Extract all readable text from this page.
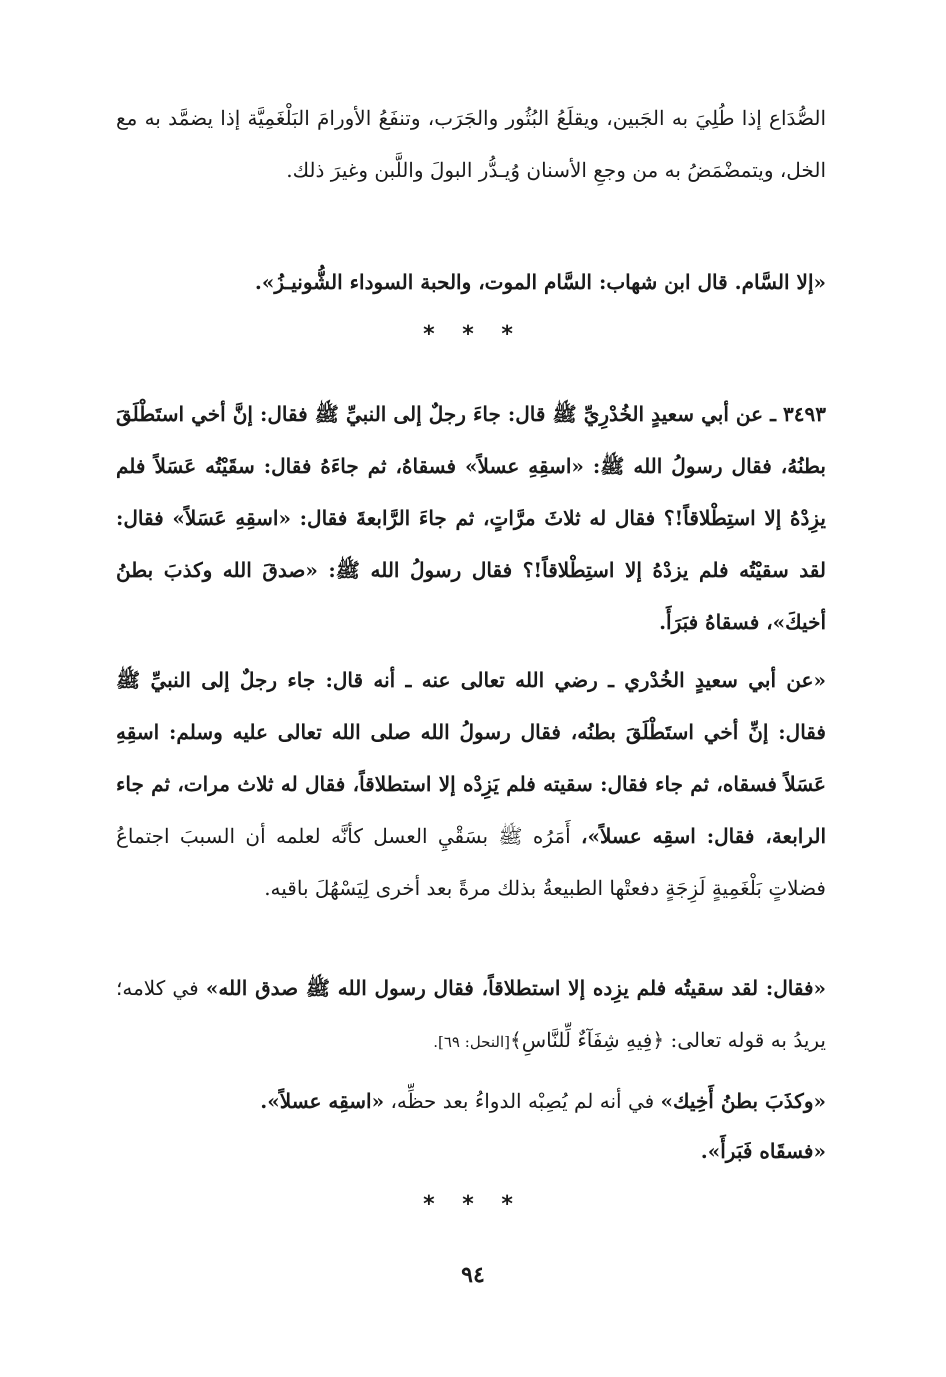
الصُّدَاع إذا طُلِيَ به الجَبين، ويقلَعُ البُثُور والجَرَب، وتنفَعُ الأورامَ البَلْغَمِيَّة إذا يضمَّد به مع الخل، ويتمضْمَضُ به من وجعِ الأسنان وُيـدُّر البولَ واللَّبن وغيرَ ذلك.
«إلا السَّام. قال ابن شهاب: السَّام الموت، والحبة السوداء الشُّونيـزُ».
* * *
٣٤٩٣ ـ عن أبي سعيدٍ الخُدْرِيِّ ﷺ قال: جاءَ رجلٌ إلى النبيِّ ﷺ فقال: إنَّ أخي استَطْلَقَ بطنُهُ، فقال رسولُ الله ﷺ: «اسقِهِ عسلاً» فسقاهُ، ثم جاءَهُ فقال: سقَيْتُه عَسَلاً فلم يزِدْهُ إلا استِطْلاقاً!؟ فقال له ثلاثَ مرَّاتٍ، ثم جاءَ الرَّابعةَ فقال: «اسقِهِ عَسَلاً» فقال: لقد سقيْتُه فلم يزدْهُ إلا استِطْلاقاً!؟ فقال رسولُ الله ﷺ: «صدقَ الله وكذبَ بطنُ أخيكَ»، فسقاهُ فبَرَأَ.
«عن أبي سعيدٍ الخُدْري ـ رضي الله تعالى عنه ـ أنه قال: جاء رجلٌ إلى النبيِّ ﷺ فقال: إنِّ أخي استَطْلَقَ بطنُه، فقال رسولُ الله صلى الله تعالى عليه وسلم: اسقِهِ عَسَلاً فسقاه، ثم جاء فقال: سقيته فلم يَزِدْه إلا استطلاقاً، فقال له ثلاث مرات، ثم جاء الرابعة، فقال: اسقِه عسلاً»، أَمَرُه ﷺ بسَقْيِ العسل كأنَّه لعلمه أن السببَ اجتماعُ فضلاتٍ بَلْغَمِيةٍ لَزِجَةٍ دفعتْها الطبيعةُ بذلك مرةً بعد أخرى لِيَسْهُلَ باقيه.
«فقال: لقد سقيتُه فلم يزِده إلا استطلاقاً، فقال رسول الله ﷺ صدق الله» في كلامه؛ يريدُ به قوله تعالى: ﴿فِيهِ شِفَآءٌ لِّلنَّاسِ﴾[النحل: ٦٩].
«وكذَبَ بطنُ أَخِيك» في أنه لم يُصِبْه الدواءُ بعد حظِّه، «اسقِه عسلاً».
«فسقَاه فَبَرأَ».
* * *
٩٤
